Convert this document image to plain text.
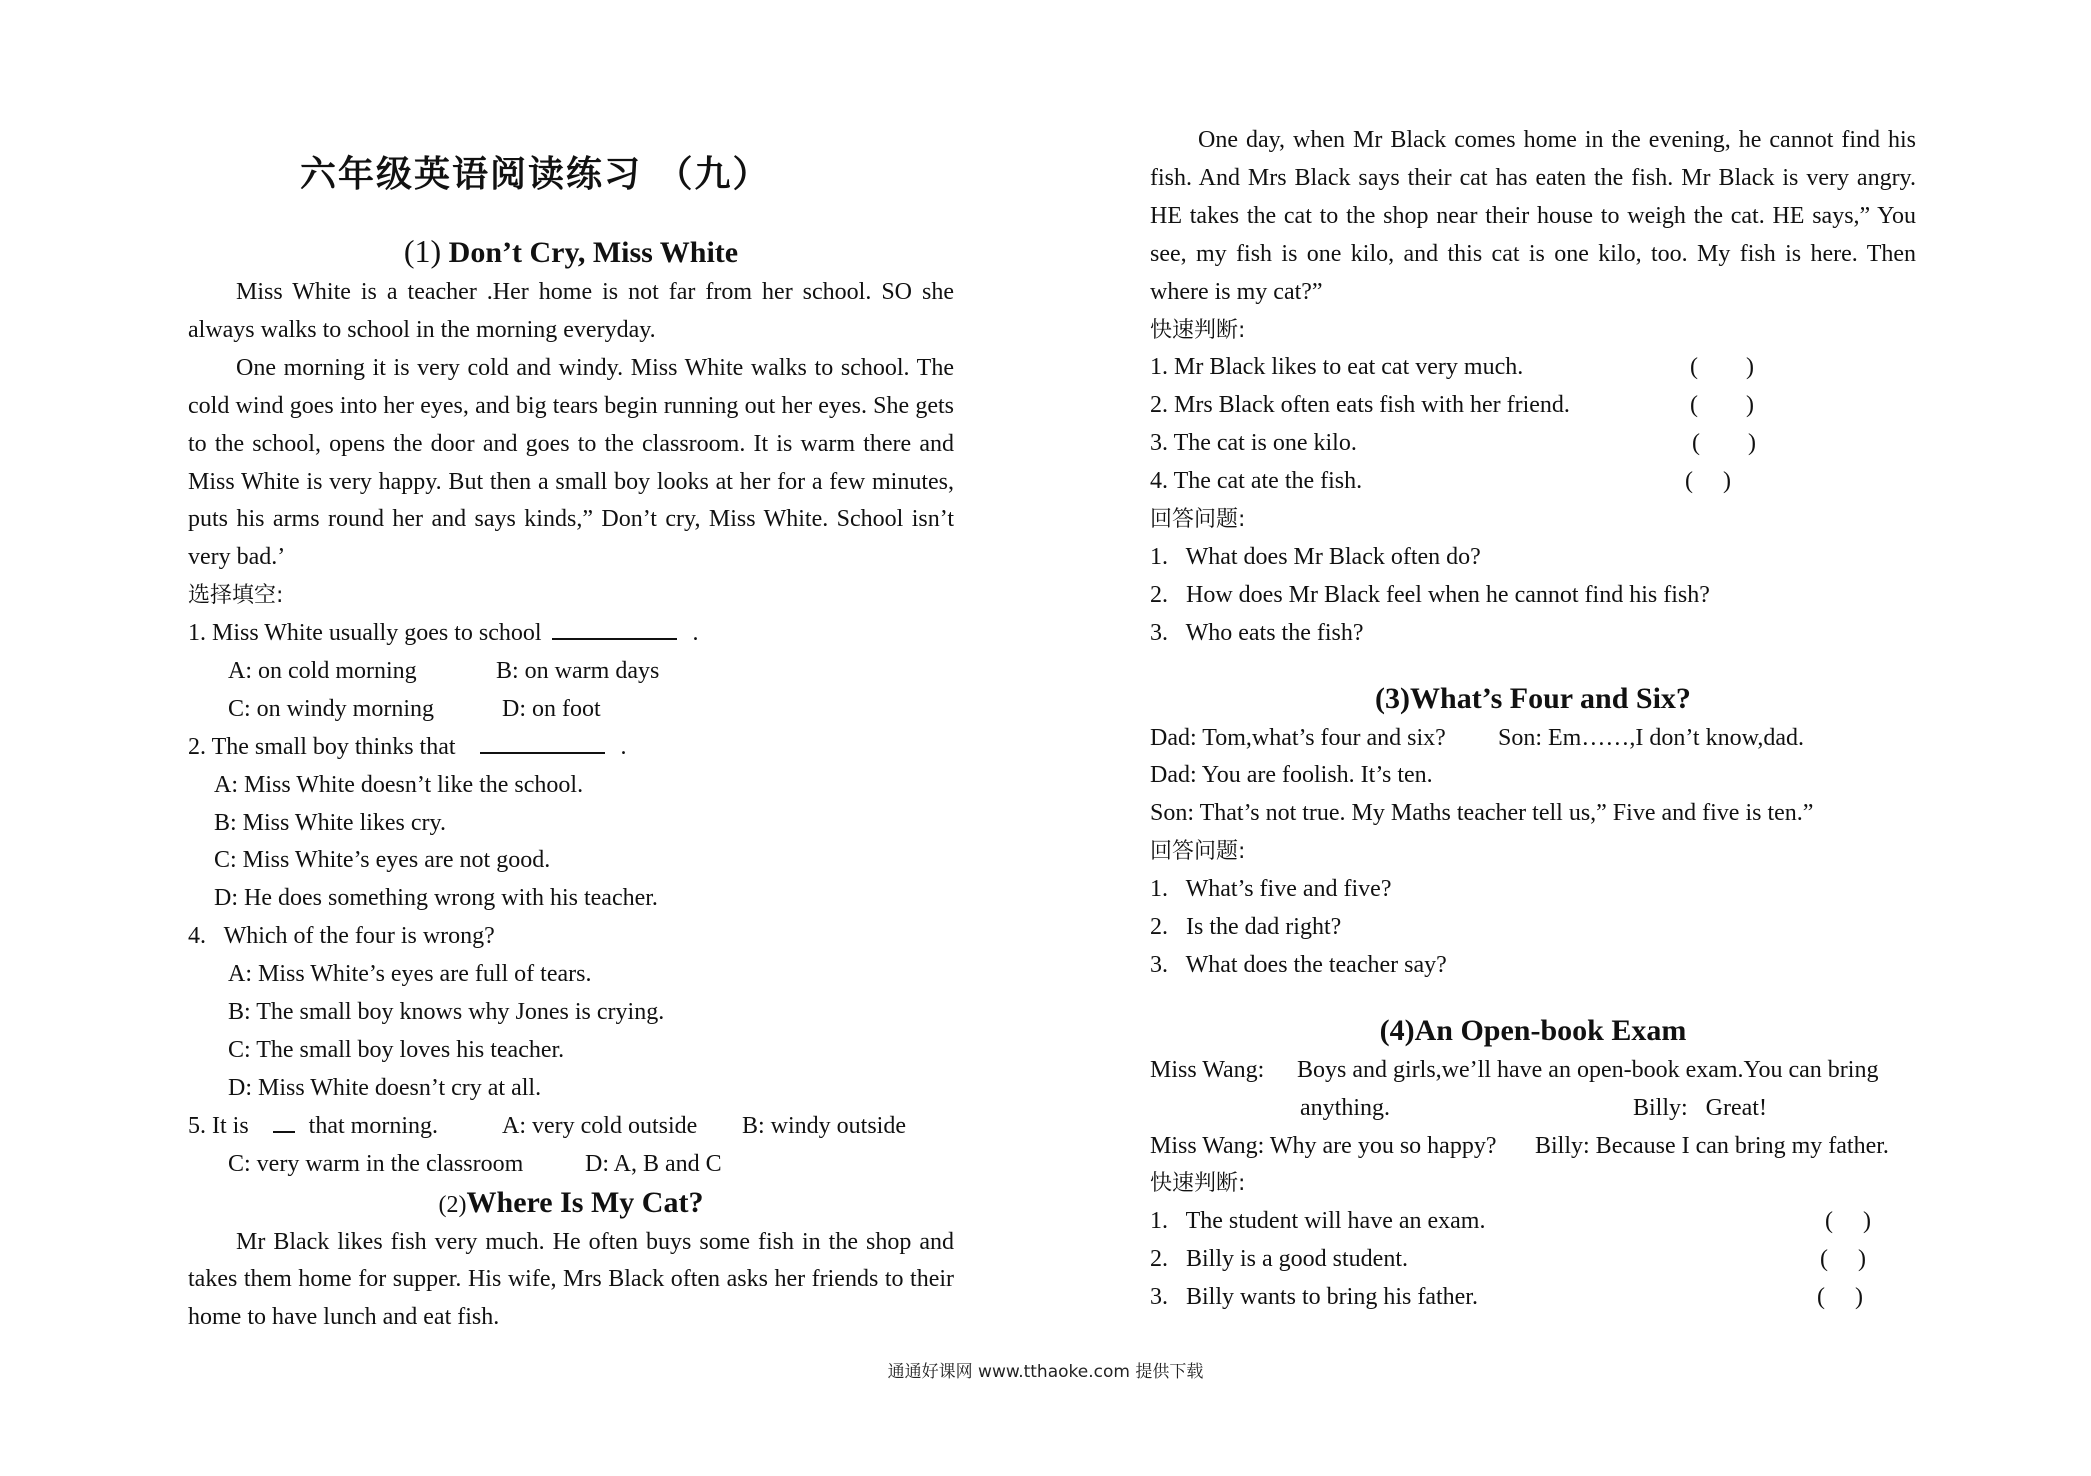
六年级英语阅读练习 （九）
(1) Don’t Cry, Miss White

Miss White is a teacher .Her home is not far from her school. SO she always walks to school in the morning everyday.

One morning it is very cold and windy. Miss White walks to school. The cold wind goes into her eyes, and big tears begin running out her eyes. She gets to the school, opens the door and goes to the classroom. It is warm there and Miss White is very happy. But then a small boy looks at her for a few minutes, puts his arms round her and says kinds,” Don’t cry, Miss White. School isn’t very bad.’

选择填空:
1. Miss White usually goes to school	.
A: on cold morning	B: on warm days
C: on windy morning	D: on foot
2. The small boy thinks that	.
A: Miss White doesn’t like the school.
B: Miss White likes cry.
C: Miss White’s eyes are not good.
D: He does something wrong with his teacher.
4.   Which of the four is wrong?
A: Miss White’s eyes are full of tears.
B: The small boy knows why Jones is crying.
C: The small boy loves his teacher.
D: Miss White doesn’t cry at all.
5. It is	that morning.	A: very cold outside B: windy outside
C: very warm in the classroom	D: A, B and C
(2)Where Is My Cat?

Mr Black likes fish very much. He often buys some fish in the shop and takes them home for supper. His wife, Mrs Black often asks her friends to their home to have lunch and eat fish.

One day, when Mr Black comes home in the evening, he cannot find his fish. And Mrs Black says their cat has eaten the fish. Mr Black is very angry. HE takes the cat to the shop near their house to weigh the cat. HE says,” You see, my fish is one kilo, and this cat is one kilo, too. My fish is here. Then where is my cat?”

快速判断:
1. Mr Black likes to eat cat very much.	(        )
2. Mrs Black often eats fish with her friend.	(        )
3. The cat is one kilo.	(        )
4. The cat ate the fish.	(     )
回答问题:
1.   What does Mr Black often do?
2.   How does Mr Black feel when he cannot find his fish?
3.   Who eats the fish?
(3)What’s Four and Six?
Dad: Tom,what’s four and six? Son: Em……,I don’t know,dad.
Dad: You are foolish. It’s ten.
Son: That’s not true. My Maths teacher tell us,” Five and five is ten.”
回答问题:
1.   What’s five and five?
2.   Is the dad right?
3.   What does the teacher say?
(4)An Open-book Exam
Miss Wang: Boys and girls,we’ll have an open-book exam.You can bring
anything.	Billy:   Great!
Miss Wang: Why are you so happy? Billy: Because I can bring my father.
快速判断:
1.   The student will have an exam.	(     )
2.   Billy is a good student.	(     )
3.   Billy wants to bring his father.	(     )
通通好课网 www.tthaoke.com 提供下载
